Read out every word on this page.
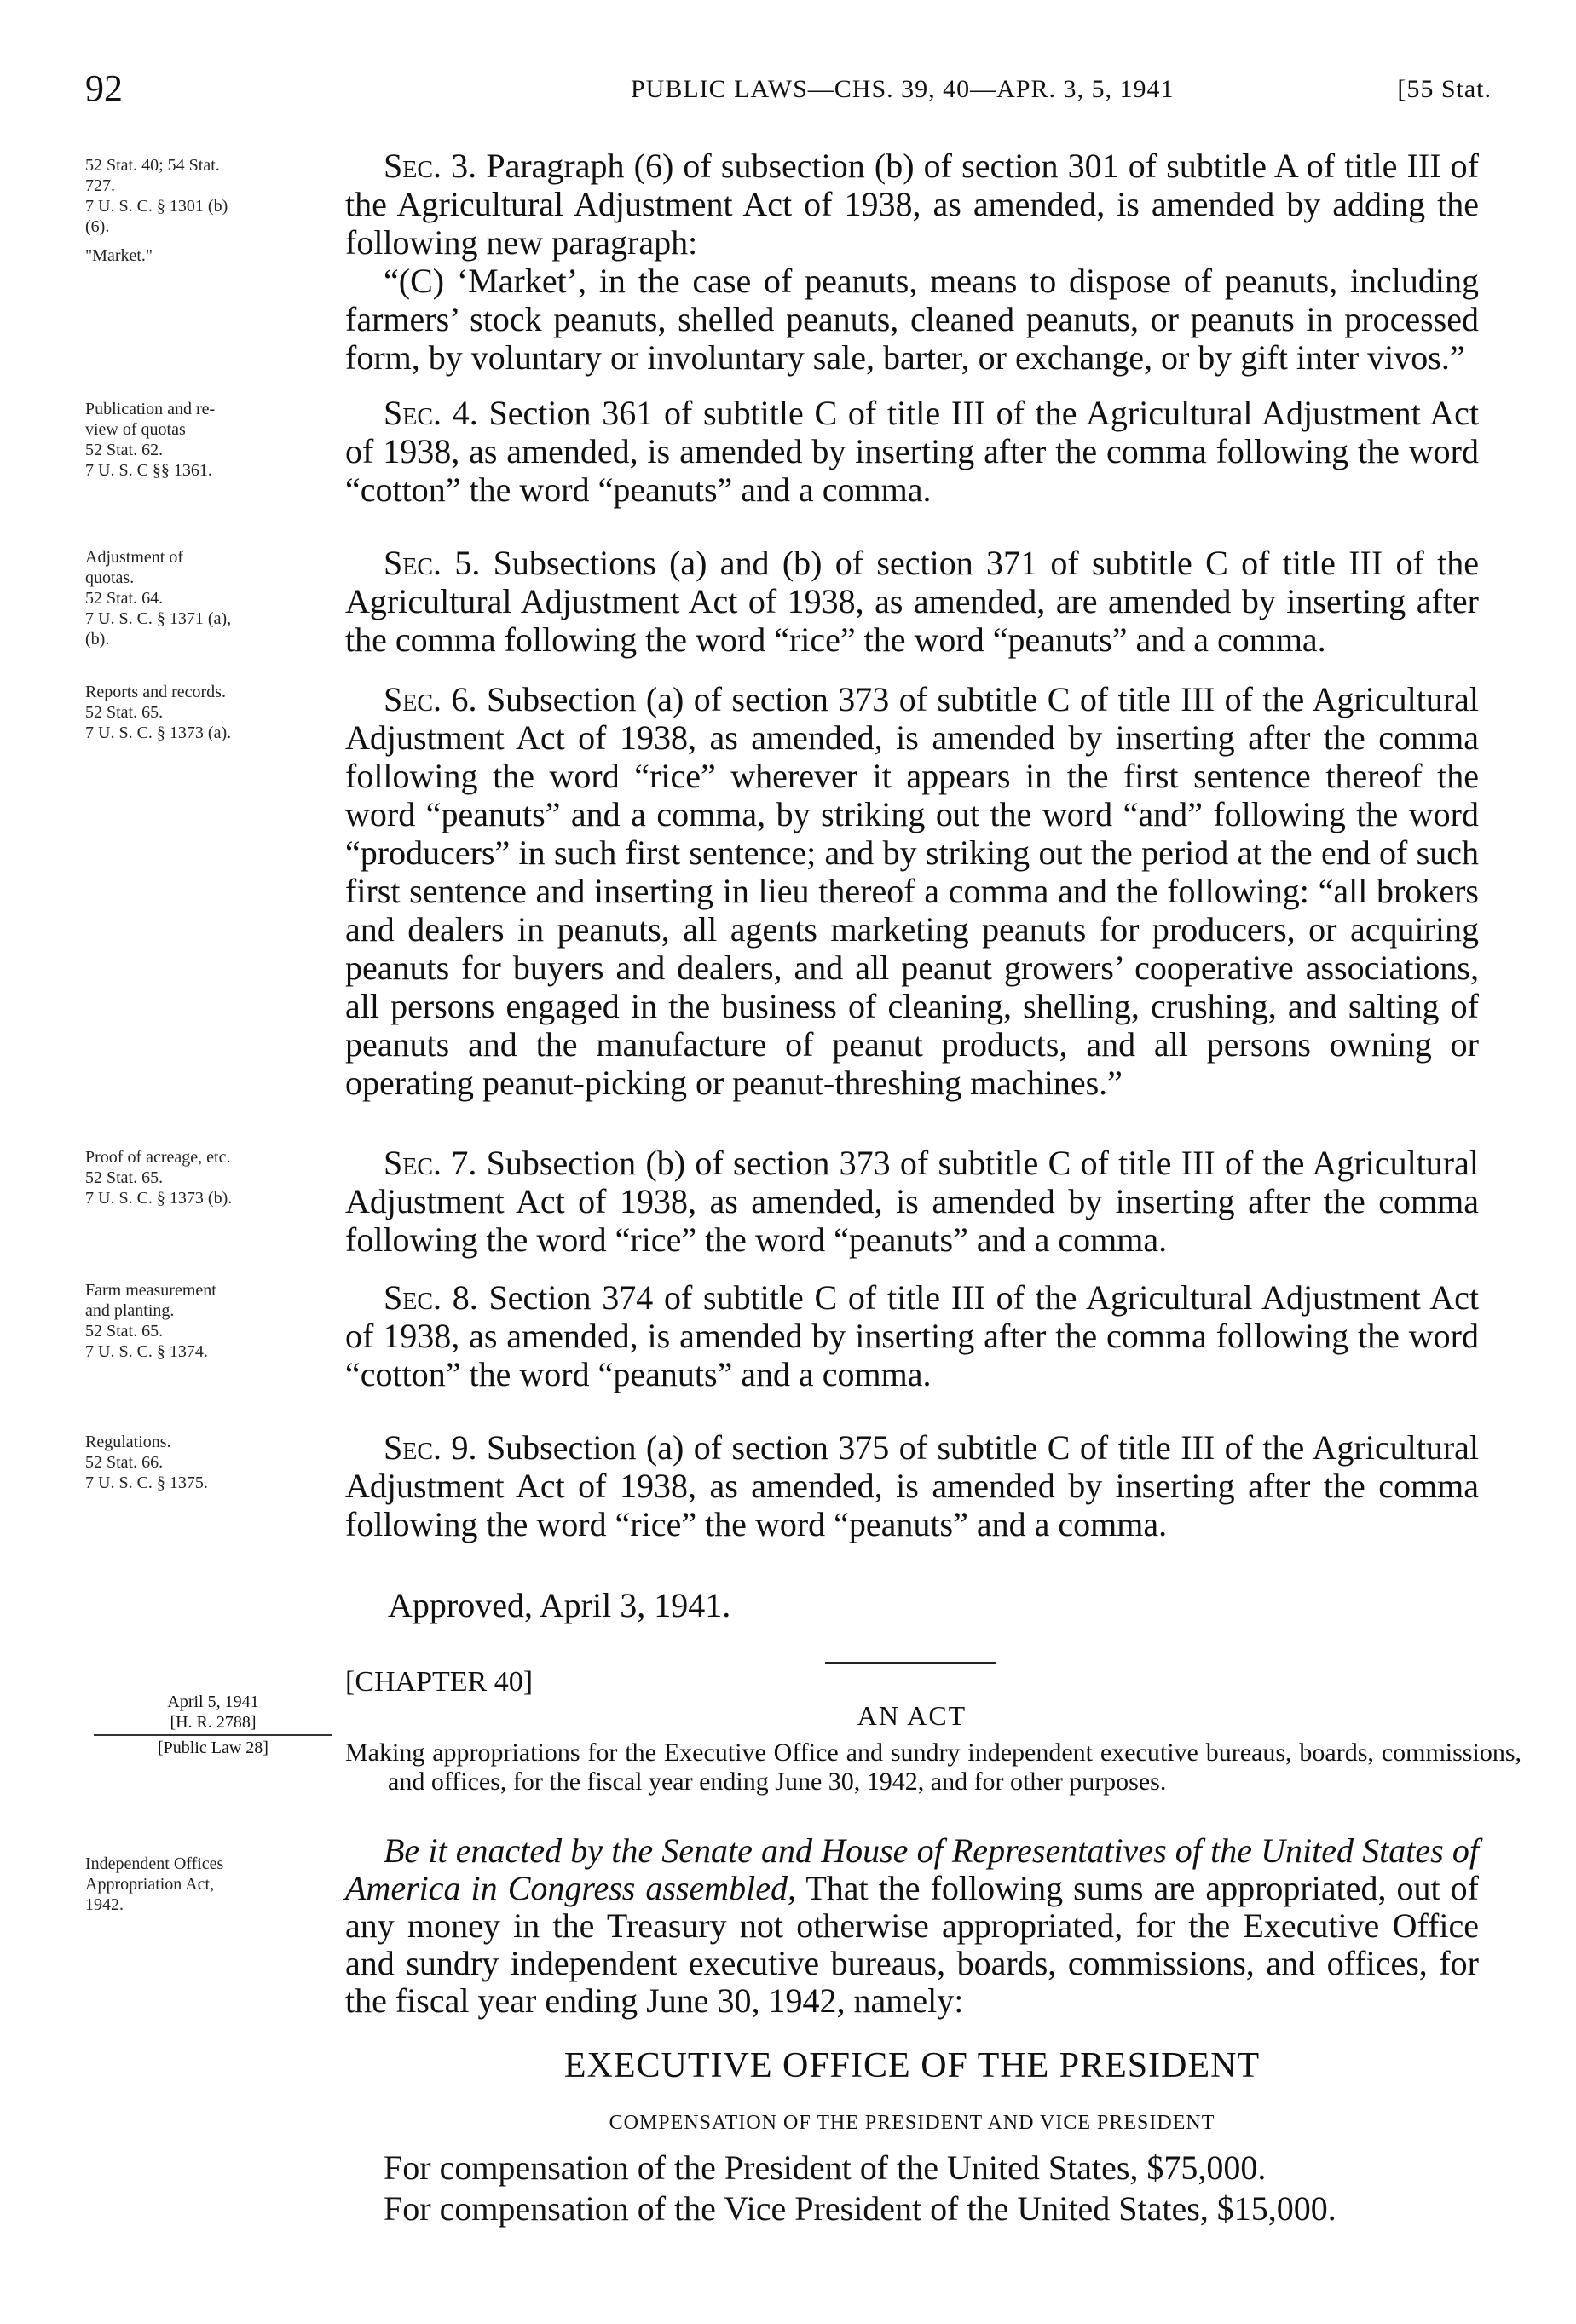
92	PUBLIC LAWS—CHS. 39, 40—APR. 3, 5, 1941	[55 Stat.
52 Stat. 40; 54 Stat.
727.
7 U. S. C. § 1301 (b)
(6).
"Market."
Publication and re-
view of quotas
52 Stat. 62.
7 U. S. C §§ 1361.
Adjustment of
quotas.
52 Stat. 64.
7 U. S. C. § 1371 (a),
(b).
Reports and records.
52 Stat. 65.
7 U. S. C. § 1373 (a).
Proof of acreage, etc.
52 Stat. 65.
7 U. S. C. § 1373 (b).
Farm measurement
and planting.
52 Stat. 65.
7 U. S. C. § 1374.
Regulations.
52 Stat. 66.
7 U. S. C. § 1375.
April 5, 1941
[H. R. 2788]
[Public Law 28]
Independent Offices
Appropriation Act,
1942.

Sec. 3. Paragraph (6) of subsection (b) of section 301 of subtitle A of title III of the Agricultural Adjustment Act of 1938, as amended, is amended by adding the following new paragraph:

“(C) ‘Market’, in the case of peanuts, means to dispose of peanuts, including farmers’ stock peanuts, shelled peanuts, cleaned peanuts, or peanuts in processed form, by voluntary or involuntary sale, barter, or exchange, or by gift inter vivos.”

Sec. 4. Section 361 of subtitle C of title III of the Agricultural Adjustment Act of 1938, as amended, is amended by inserting after the comma following the word “cotton” the word “peanuts” and a comma.

Sec. 5. Subsections (a) and (b) of section 371 of subtitle C of title III of the Agricultural Adjustment Act of 1938, as amended, are amended by inserting after the comma following the word “rice” the word “peanuts” and a comma.

Sec. 6. Subsection (a) of section 373 of subtitle C of title III of the Agricultural Adjustment Act of 1938, as amended, is amended by inserting after the comma following the word “rice” wherever it appears in the first sentence thereof the word “peanuts” and a comma, by striking out the word “and” following the word “producers” in such first sentence; and by striking out the period at the end of such first sentence and inserting in lieu thereof a comma and the following: “all brokers and dealers in peanuts, all agents marketing peanuts for producers, or acquiring peanuts for buyers and dealers, and all peanut growers’ cooperative associations, all persons engaged in the business of cleaning, shelling, crushing, and salting of peanuts and the manufacture of peanut products, and all persons owning or operating peanut-picking or peanut-threshing machines.”

Sec. 7. Subsection (b) of section 373 of subtitle C of title III of the Agricultural Adjustment Act of 1938, as amended, is amended by inserting after the comma following the word “rice” the word “peanuts” and a comma.

Sec. 8. Section 374 of subtitle C of title III of the Agricultural Adjustment Act of 1938, as amended, is amended by inserting after the comma following the word “cotton” the word “peanuts” and a comma.

Sec. 9. Subsection (a) of section 375 of subtitle C of title III of the Agricultural Adjustment Act of 1938, as amended, is amended by inserting after the comma following the word “rice” the word “peanuts” and a comma.

Approved, April 3, 1941.
[CHAPTER 40]
AN ACT
Making appropriations for the Executive Office and sundry independent executive bureaus, boards, commissions, and offices, for the fiscal year ending June 30, 1942, and for other purposes.
Be it enacted by the Senate and House of Representatives of the United States of America in Congress assembled, That the following sums are appropriated, out of any money in the Treasury not otherwise appropriated, for the Executive Office and sundry independent executive bureaus, boards, commissions, and offices, for the fiscal year ending June 30, 1942, namely:
EXECUTIVE OFFICE OF THE PRESIDENT
COMPENSATION OF THE PRESIDENT AND VICE PRESIDENT

For compensation of the President of the United States, $75,000.

For compensation of the Vice President of the United States, $15,000.
